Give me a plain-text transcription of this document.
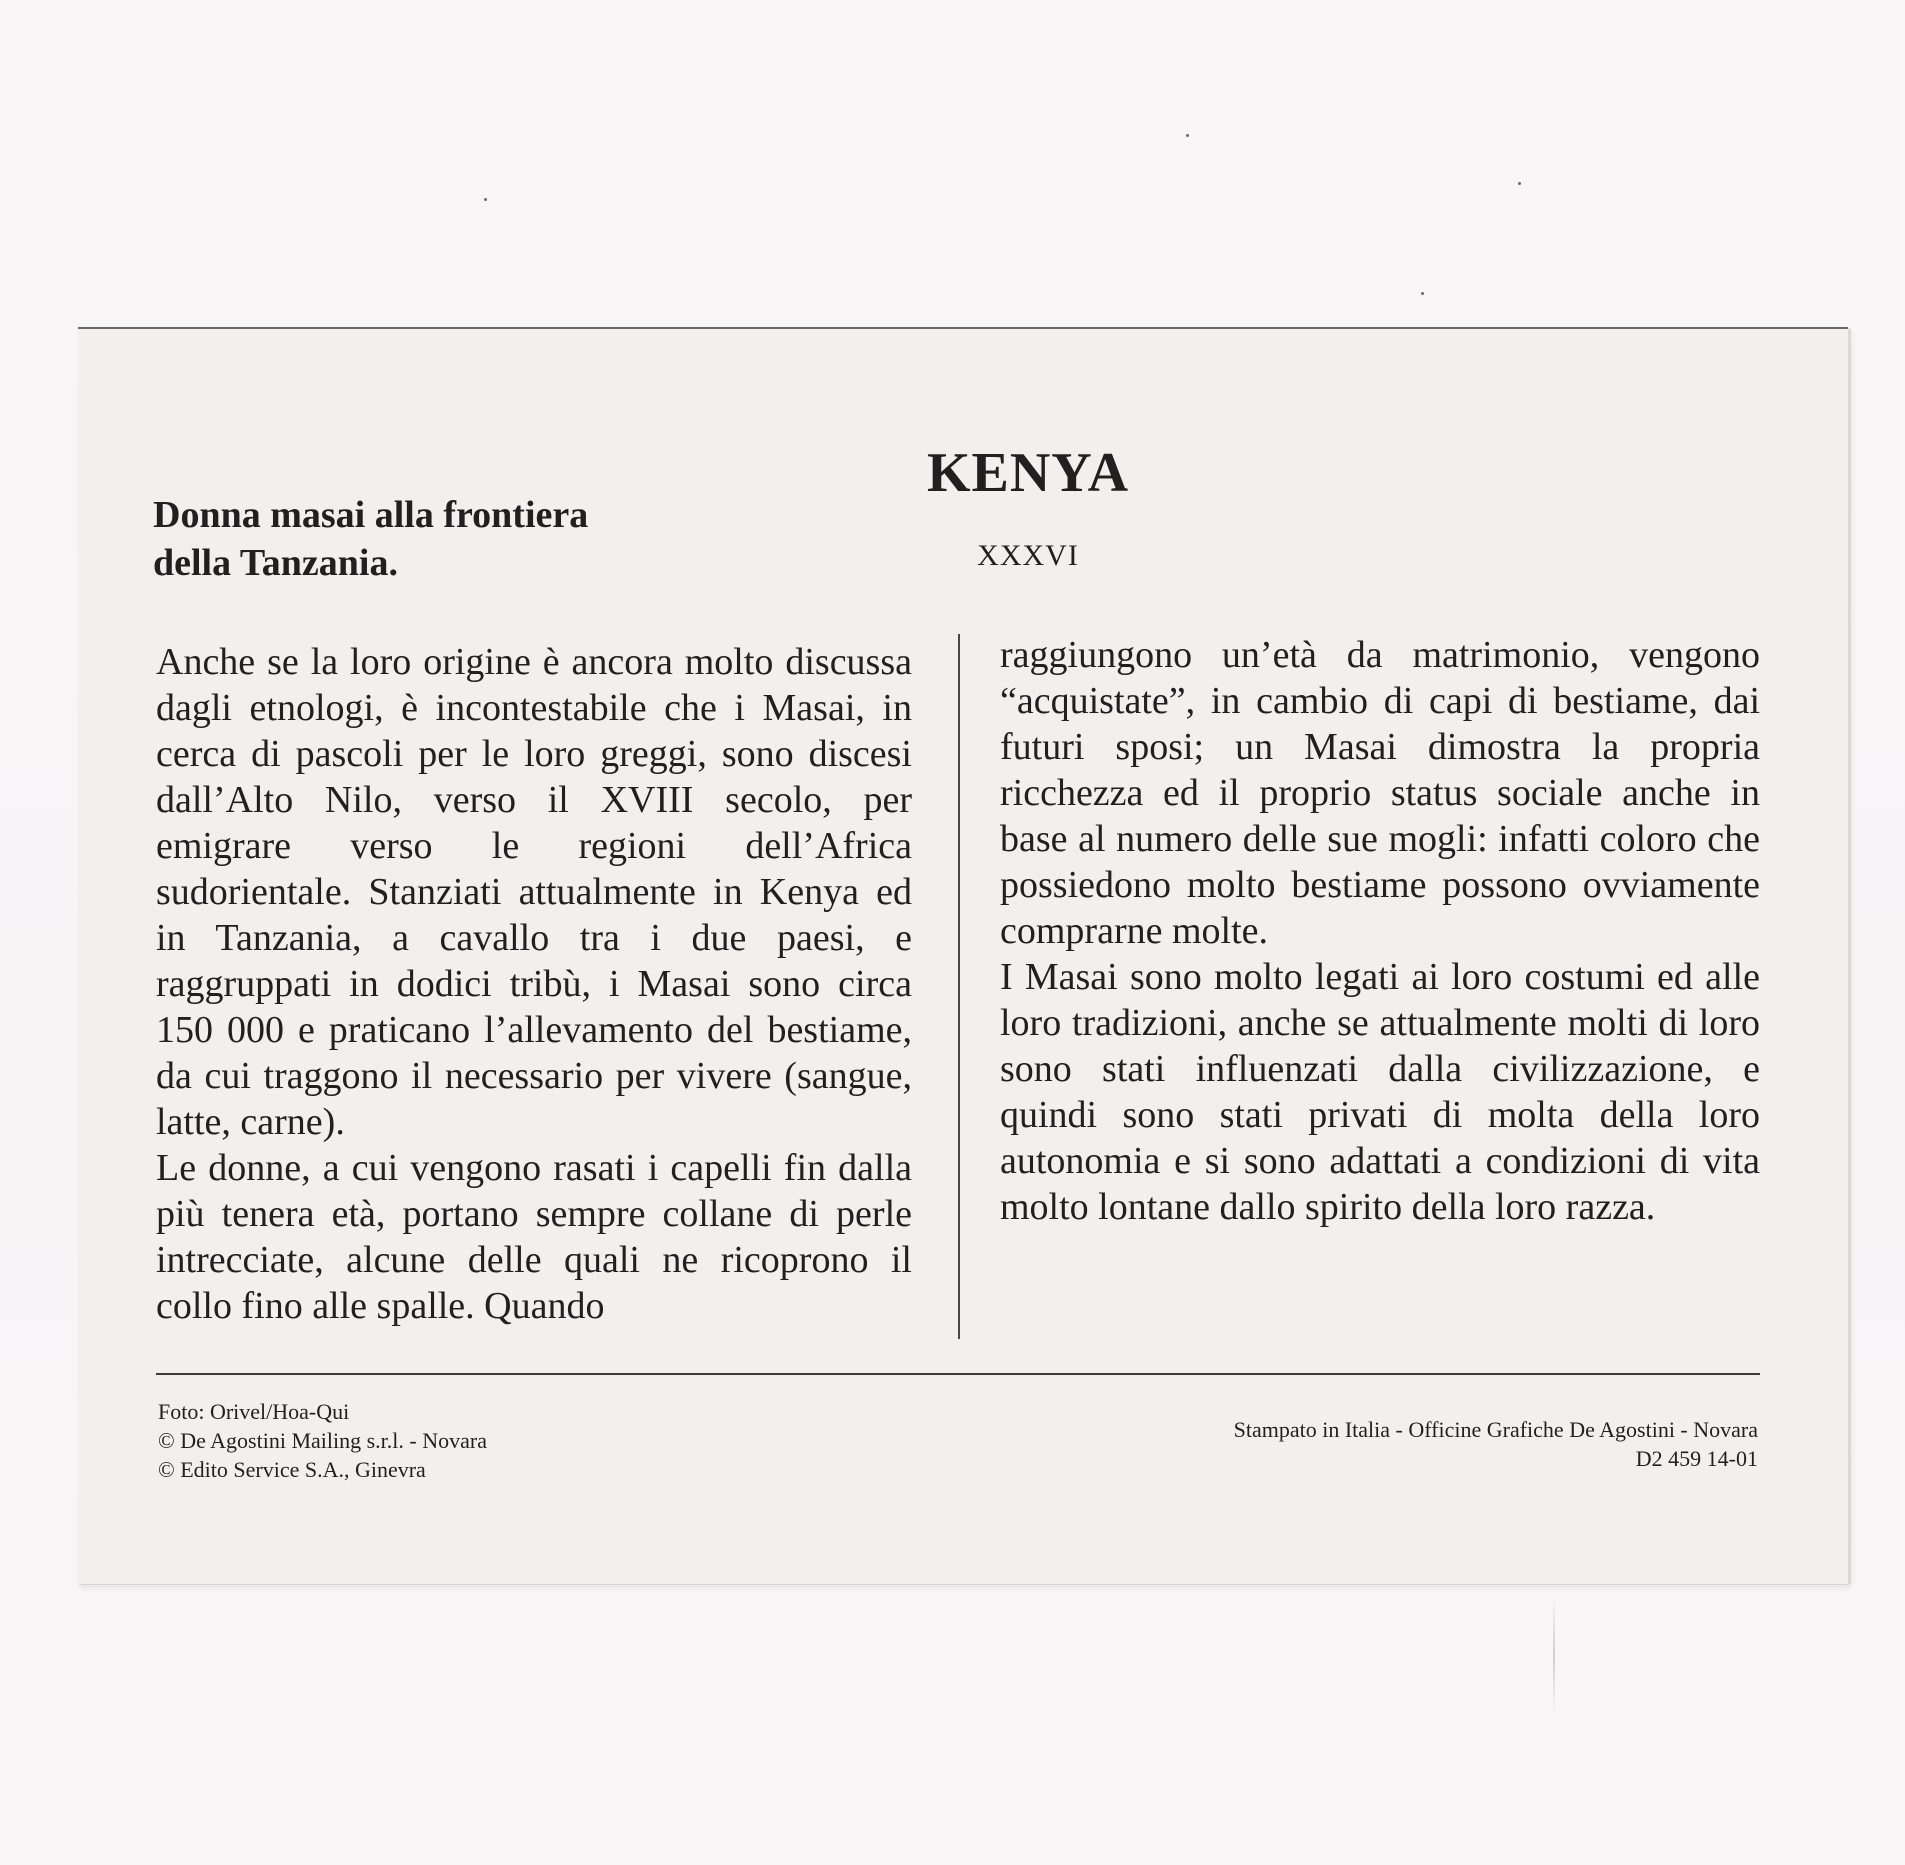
KENYA
XXXVI
Donna masai alla frontiera
della Tanzania.

Anche se la loro origine è ancora molto discussa dagli etnologi, è incontestabile che i Masai, in cerca di pascoli per le loro greggi, sono discesi dall’Alto Nilo, verso il XVIII secolo, per emigrare verso le regioni dell’Africa sudorientale. Stanziati attualmente in Kenya ed in Tanzania, a cavallo tra i due paesi, e raggruppati in dodici tribù, i Masai sono circa 150 000 e praticano l’allevamento del bestiame, da cui traggono il necessario per vivere (sangue, latte, carne).

Le donne, a cui vengono rasati i capelli fin dalla più tenera età, portano sempre collane di perle intrecciate, alcune delle quali ne ricoprono il collo fino alle spalle. Quando

raggiungono un’età da matrimonio, vengono “acquistate”, in cambio di capi di bestiame, dai futuri sposi; un Masai dimostra la propria ricchezza ed il proprio status sociale anche in base al numero delle sue mogli: infatti coloro che possiedono molto bestiame possono ovviamente comprarne molte.

I Masai sono molto legati ai loro costumi ed alle loro tradizioni, anche se attualmente molti di loro sono stati influenzati dalla civilizzazione, e quindi sono stati privati di molta della loro autonomia e si sono adattati a condizioni di vita molto lontane dallo spirito della loro razza.

Foto: Orivel/Hoa-Qui
© De Agostini Mailing s.r.l. - Novara
© Edito Service S.A., Ginevra
Stampato in Italia - Officine Grafiche De Agostini - Novara
D2 459 14-01
